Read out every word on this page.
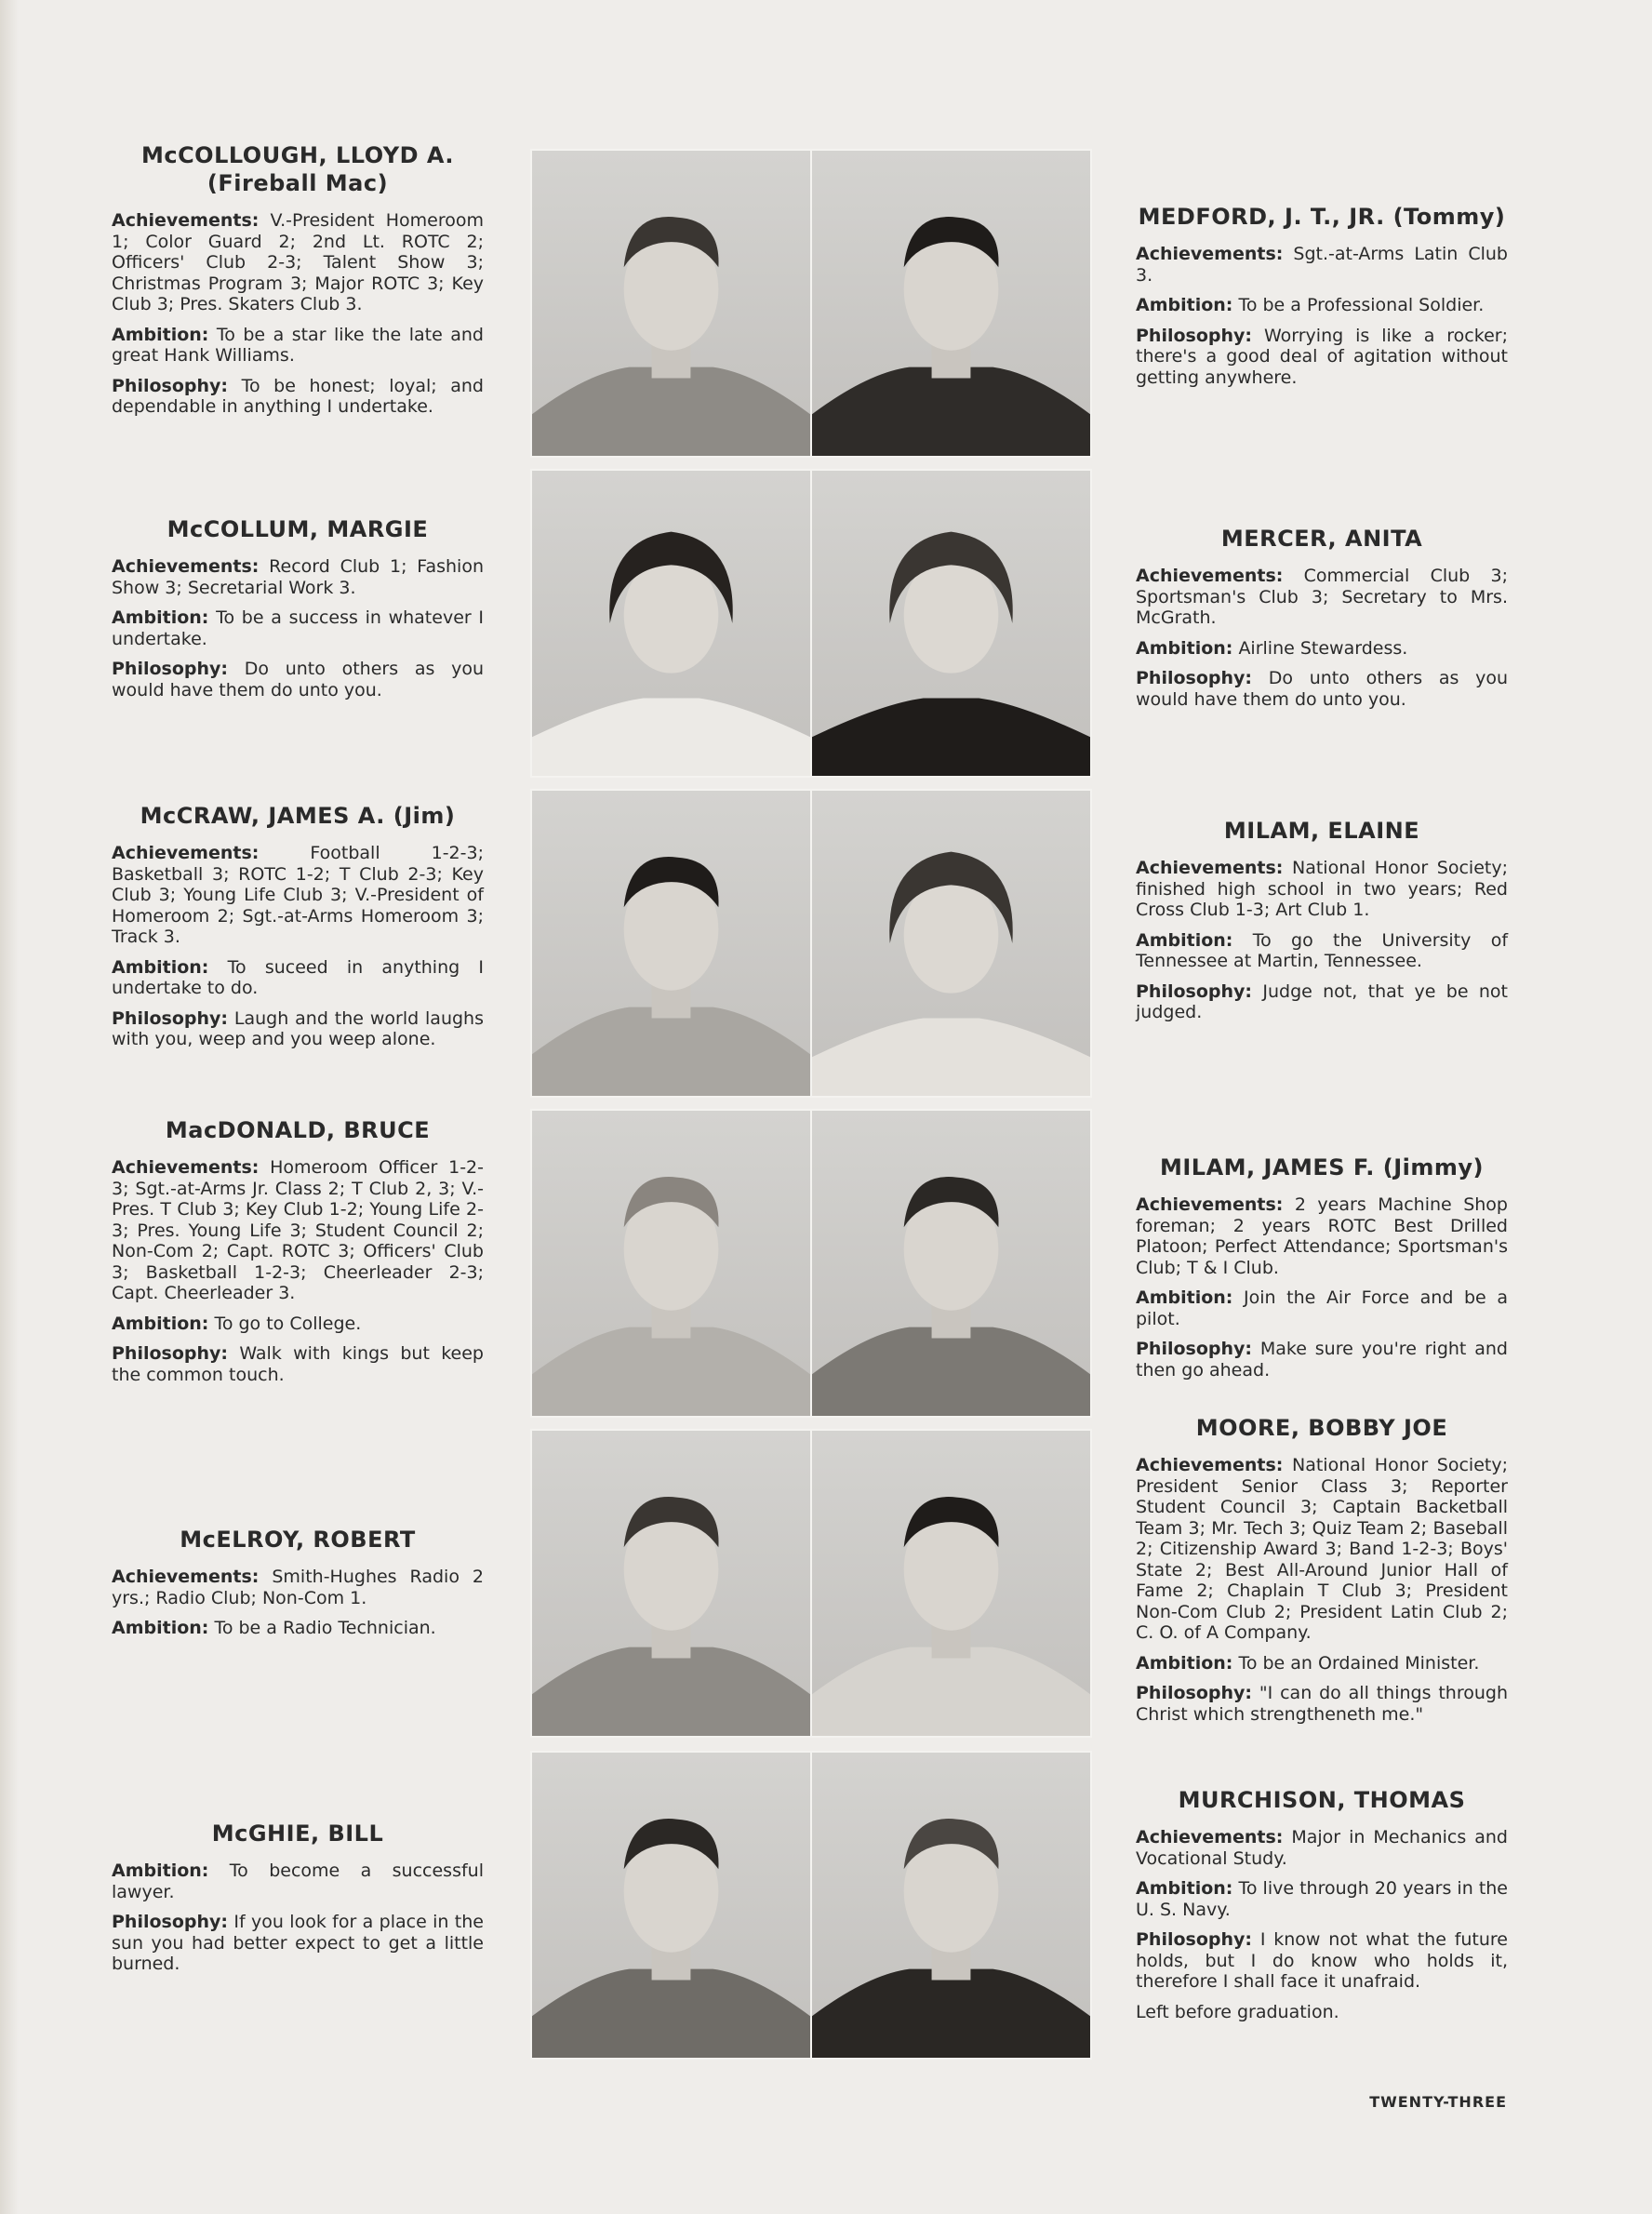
McCOLLOUGH, LLOYD A. (Fireball Mac)
Achievements: V.-President Homeroom 1; Color Guard 2; 2nd Lt. ROTC 2; Officers' Club 2-3; Talent Show 3; Christmas Program 3; Major ROTC 3; Key Club 3; Pres. Skaters Club 3.
Ambition: To be a star like the late and great Hank Williams.
Philosophy: To be honest; loyal; and dependable in anything I undertake.
McCOLLUM, MARGIE
Achievements: Record Club 1; Fashion Show 3; Secretarial Work 3.
Ambition: To be a success in whatever I undertake.
Philosophy: Do unto others as you would have them do unto you.
McCRAW, JAMES A. (Jim)
Achievements:	Football 1-2-3; Basketball 3; ROTC 1-2; T Club 2-3; Key Club 3; Young Life Club 3; V.-President of Homeroom 2; Sgt.-at-Arms Homeroom 3; Track 3.
Ambition: To suceed in anything I undertake to do.
Philosophy: Laugh and the world laughs with you, weep and you weep alone.
MacDONALD, BRUCE
Achievements: Homeroom Officer 1-2-3; Sgt.-at-Arms Jr. Class 2; T Club 2, 3; V.-Pres. T Club 3; Key Club 1-2; Young Life 2-3; Pres. Young Life 3; Student Council 2; Non-Com 2; Capt. ROTC 3; Officers' Club 3; Basketball 1-2-3; Cheerleader 2-3; Capt. Cheerleader 3.
Ambition: To go to College.
Philosophy: Walk with kings but keep the common touch.
McELROY, ROBERT
Achievements: Smith-Hughes Radio 2 yrs.; Radio Club; Non-Com 1.
Ambition: To be a Radio Technician.
McGHIE, BILL
Ambition: To become a successful lawyer.
Philosophy: If you look for a place in the sun you had better expect to get a little burned.
MEDFORD, J. T., JR. (Tommy)
Achievements: Sgt.-at-Arms Latin Club 3.
Ambition: To be a Professional Soldier.
Philosophy: Worrying is like a rocker; there's a good deal of agitation without getting anywhere.
MERCER, ANITA
Achievements: Commercial Club 3; Sportsman's Club 3; Secretary to Mrs. McGrath.
Ambition: Airline Stewardess.
Philosophy: Do unto others as you would have them do unto you.
MILAM, ELAINE
Achievements: National Honor Society; finished high school in two years; Red Cross Club 1-3; Art Club 1.
Ambition: To go the University of Tennessee at Martin, Tennessee.
Philosophy: Judge not, that ye be not judged.
MILAM, JAMES F. (Jimmy)
Achievements: 2 years Machine Shop foreman; 2 years ROTC Best Drilled Platoon; Perfect Attendance; Sportsman's Club; T & I Club.
Ambition: Join the Air Force and be a pilot.
Philosophy: Make sure you're right and then go ahead.
MOORE, BOBBY JOE
Achievements: National Honor Society; President Senior Class 3; Reporter Student Council 3; Captain Backetball Team 3; Mr. Tech 3; Quiz Team 2; Baseball 2; Citizenship Award 3; Band 1-2-3; Boys' State 2; Best All-Around Junior Hall of Fame 2; Chaplain T Club 3; President Non-Com Club 2; President Latin Club 2; C. O. of A Company.
Ambition: To be an Ordained Minister.
Philosophy: "I can do all things through Christ which strengtheneth me."
MURCHISON, THOMAS
Achievements: Major in Mechanics and Vocational Study.
Ambition: To live through 20 years in the U. S. Navy.
Philosophy: I know not what the future holds, but I do know who holds it, therefore I shall face it unafraid.
Left before graduation.
TWENTY-THREE
